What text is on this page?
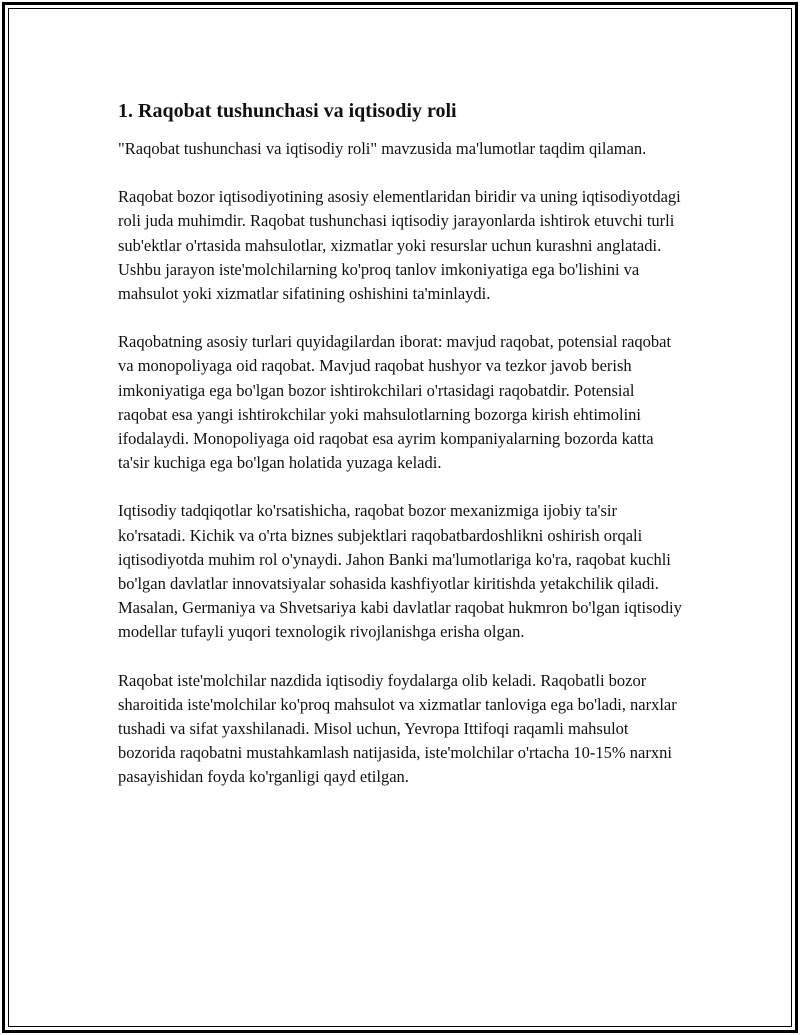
1. Raqobat tushunchasi va iqtisodiy roli

"Raqobat tushunchasi va iqtisodiy roli" mavzusida ma'lumotlar taqdim qilaman.

Raqobat bozor iqtisodiyotining asosiy elementlaridan biridir va uning iqtisodiyotdagi roli juda muhimdir. Raqobat tushunchasi iqtisodiy jarayonlarda ishtirok etuvchi turli sub'ektlar o'rtasida mahsulotlar, xizmatlar yoki resurslar uchun kurashni anglatadi. Ushbu jarayon iste'molchilarning ko'proq tanlov imkoniyatiga ega bo'lishini va mahsulot yoki xizmatlar sifatining oshishini ta'minlaydi.

Raqobatning asosiy turlari quyidagilardan iborat: mavjud raqobat, potensial raqobat va monopoliyaga oid raqobat. Mavjud raqobat hushyor va tezkor javob berish imkoniyatiga ega bo'lgan bozor ishtirokchilari o'rtasidagi raqobatdir. Potensial raqobat esa yangi ishtirokchilar yoki mahsulotlarning bozorga kirish ehtimolini ifodalaydi. Monopoliyaga oid raqobat esa ayrim kompaniyalarning bozorda katta ta'sir kuchiga ega bo'lgan holatida yuzaga keladi.

Iqtisodiy tadqiqotlar ko'rsatishicha, raqobat bozor mexanizmiga ijobiy ta'sir ko'rsatadi. Kichik va o'rta biznes subjektlari raqobatbardoshlikni oshirish orqali iqtisodiyotda muhim rol o'ynaydi. Jahon Banki ma'lumotlariga ko'ra, raqobat kuchli bo'lgan davlatlar innovatsiyalar sohasida kashfiyotlar kiritishda yetakchilik qiladi. Masalan, Germaniya va Shvetsariya kabi davlatlar raqobat hukmron bo'lgan iqtisodiy modellar tufayli yuqori texnologik rivojlanishga erisha olgan.

Raqobat iste'molchilar nazdida iqtisodiy foydalarga olib keladi. Raqobatli bozor sharoitida iste'molchilar ko'proq mahsulot va xizmatlar tanloviga ega bo'ladi, narxlar tushadi va sifat yaxshilanadi. Misol uchun, Yevropa Ittifoqi raqamli mahsulot bozorida raqobatni mustahkamlash natijasida, iste'molchilar o'rtacha 10-15% narxni pasayishidan foyda ko'rganligi qayd etilgan.
